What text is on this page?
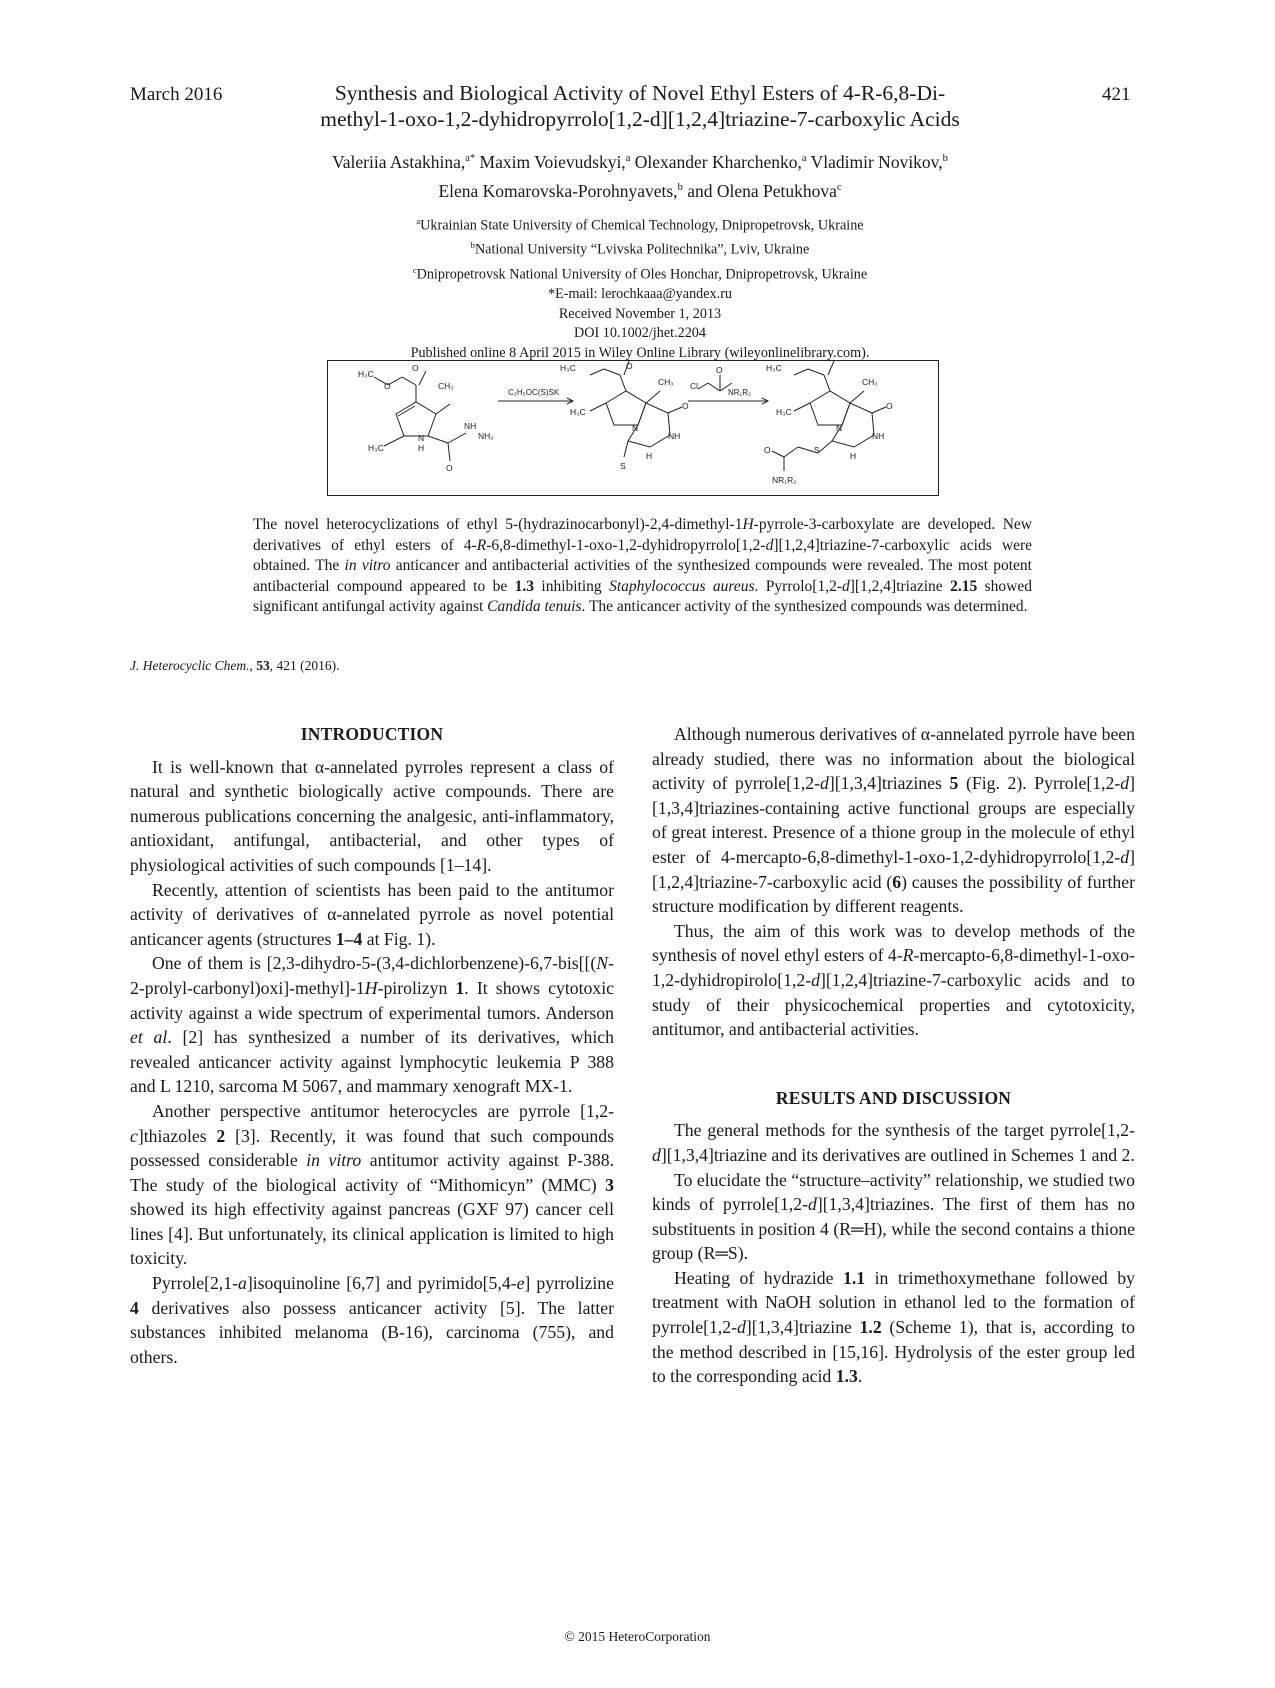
March 2016	421
Synthesis and Biological Activity of Novel Ethyl Esters of 4-R-6,8-Di-
methyl-1-oxo-1,2-dyhidropyrrolo[1,2-d][1,2,4]triazine-7-carboxylic Acids
Valeriia Astakhina,$^{a*}$ Maxim Voievudskyi,$^a$ Olexander Kharchenko,$^a$ Vladimir Novikov,$^b$
Elena Komarovska-Porohnyavets,$^b$ and Olena Petukhova$^c$
$^a$Ukrainian State University of Chemical Technology, Dnipropetrovsk, Ukraine
$^b$National University “Lvivska Politechnika”, Lviv, Ukraine
$^c$Dnipropetrovsk National University of Oles Honchar, Dnipropetrovsk, Ukraine
*E-mail: lerochkaaa@yandex.ru
Received November 1, 2013
DOI 10.1002/jhet.2204
Published online 8 April 2015 in Wiley Online Library (wileyonlinelibrary.com).
H₃C
O
O	CH₃
H₃C
N
H
O
NH
NH₂
C₂H₅OC(S)SK
H₃C	O
CH₃
H₃C
N
O
NH
S
H
Cl
O
NR₁R₂
H₃C
CH₃
H₃C
N
O
NH
S
H
O
NR₁R₂
The novel heterocyclizations of ethyl 5-(hydrazinocarbonyl)-2,4-dimethyl-1H-pyrrole-3-carboxylate are developed. New derivatives of ethyl esters of 4-R-6,8-dimethyl-1-oxo-1,2-dyhidropyrrolo[1,2-d][1,2,4]triazine-7-carboxylic acids were obtained. The in vitro anticancer and antibacterial activities of the synthesized compounds were revealed. The most potent antibacterial compound appeared to be 1.3 inhibiting Staphylococcus aureus. Pyrrolo[1,2-d][1,2,4]triazine 2.15 showed significant antifungal activity against Candida tenuis. The anticancer activity of the synthesized compounds was determined.
J. Heterocyclic Chem., 53, 421 (2016).

INTRODUCTION

It is well-known that α-annelated pyrroles represent a class of natural and synthetic biologically active compounds. There are numerous publications concerning the analgesic, anti-inflammatory, antioxidant, antifungal, antibacterial, and other types of physiological activities of such compounds [1–14].

Recently, attention of scientists has been paid to the antitumor activity of derivatives of α-annelated pyrrole as novel potential anticancer agents (structures 1–4 at Fig. 1).

One of them is [2,3-dihydro-5-(3,4-dichlorbenzene)-6,7-bis[[(N-2-prolyl-carbonyl)oxi]-methyl]-1H-pirolizyn 1. It shows cytotoxic activity against a wide spectrum of experimental tumors. Anderson et al. [2] has synthesized a number of its derivatives, which revealed anticancer activity against lymphocytic leukemia P 388 and L 1210, sarcoma M 5067, and mammary xenograft MX-1.

Another perspective antitumor heterocycles are pyrrole [1,2-c]thiazoles 2 [3]. Recently, it was found that such compounds possessed considerable in vitro antitumor activity against P-388. The study of the biological activity of “Mithomicyn” (MMC) 3 showed its high effectivity against pancreas (GXF 97) cancer cell lines [4]. But unfortunately, its clinical application is limited to high toxicity.

Pyrrole[2,1-a]isoquinoline [6,7] and pyrimido[5,4-e] pyrrolizine 4 derivatives also possess anticancer activity [5]. The latter substances inhibited melanoma (B-16), carcinoma (755), and others.

Although numerous derivatives of α-annelated pyrrole have been already studied, there was no information about the biological activity of pyrrole[1,2-d][1,3,4]triazines 5 (Fig. 2). Pyrrole[1,2-d][1,3,4]triazines-containing active functional groups are especially of great interest. Presence of a thione group in the molecule of ethyl ester of 4-mercapto-6,8-dimethyl-1-oxo-1,2-dyhidropyrrolo[1,2-d][1,2,4]triazine-7-carboxylic acid (6) causes the possibility of further structure modification by different reagents.

Thus, the aim of this work was to develop methods of the synthesis of novel ethyl esters of 4-R-mercapto-6,8-dimethyl-1-oxo-1,2-dyhidropirolo[1,2-d][1,2,4]triazine-7-carboxylic acids and to study of their physicochemical properties and cytotoxicity, antitumor, and antibacterial activities.

RESULTS AND DISCUSSION

The general methods for the synthesis of the target pyrrole[1,2-d][1,3,4]triazine and its derivatives are outlined in Schemes 1 and 2.

To elucidate the “structure–activity” relationship, we studied two kinds of pyrrole[1,2-d][1,3,4]triazines. The first of them has no substituents in position 4 (R═H), while the second contains a thione group (R═S).

Heating of hydrazide 1.1 in trimethoxymethane followed by treatment with NaOH solution in ethanol led to the formation of pyrrole[1,2-d][1,3,4]triazine 1.2 (Scheme 1), that is, according to the method described in [15,16]. Hydrolysis of the ester group led to the corresponding acid 1.3.

© 2015 HeteroCorporation
